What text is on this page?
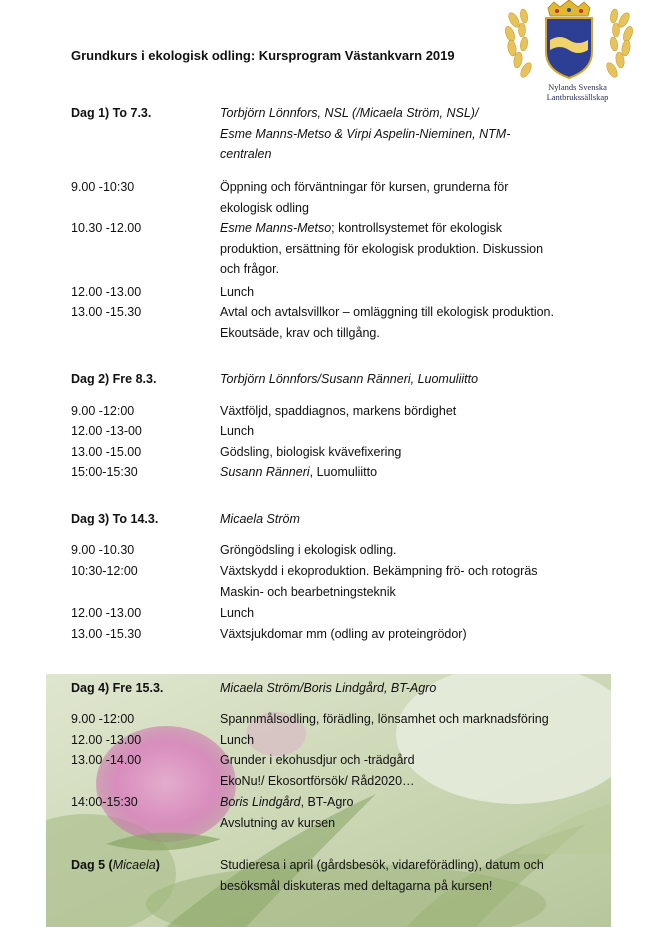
Nylands Svenska
Lantbrukssällskap
Grundkurs i ekologisk odling: Kursprogram Västankvarn 2019
Dag 1) To 7.3.	Torbjörn Lönnfors, NSL (/Micaela Ström, NSL)/
Esme Manns-Metso & Virpi Aspelin-Nieminen, NTM-
centralen
9.00 -10:30	Öppning och förväntningar för kursen, grunderna för
ekologisk odling
10.30 -12.00	Esme Manns-Metso; kontrollsystemet för ekologisk
produktion, ersättning för ekologisk produktion. Diskussion
och frågor.
12.00 -13.00	Lunch
13.00 -15.30	Avtal och avtalsvillkor – omläggning till ekologisk produktion.
Ekoutsäde, krav och tillgång.
Dag 2) Fre 8.3.	Torbjörn Lönnfors/Susann Ränneri, Luomuliitto
9.00 -12:00	Växtföljd, spaddiagnos, markens bördighet
12.00 -13-00	Lunch
13.00 -15.00	Gödsling, biologisk kvävefixering
15:00-15:30	Susann Ränneri, Luomuliitto
Dag 3) To 14.3.	Micaela Ström
9.00 -10.30	Gröngödsling i ekologisk odling.
10:30-12:00	Växtskydd i ekoproduktion. Bekämpning frö- och rotogräs
Maskin- och bearbetningsteknik
12.00 -13.00	Lunch
13.00 -15.30	Växtsjukdomar mm (odling av proteingrödor)
Dag 4) Fre 15.3.	Micaela Ström/Boris Lindgård, BT-Agro
9.00 -12:00	Spannmålsodling, förädling, lönsamhet och marknadsföring
12.00 -13.00	Lunch
13.00 -14.00	Grunder i ekohusdjur och -trädgård
EkoNu!/ Ekosortförsök/ Råd2020…
14:00-15:30	Boris Lindgård, BT-Agro
Avslutning av kursen
Dag 5 (Micaela)	Studieresa i april (gårdsbesök, vidareförädling), datum och
besöksmål diskuteras med deltagarna på kursen!
